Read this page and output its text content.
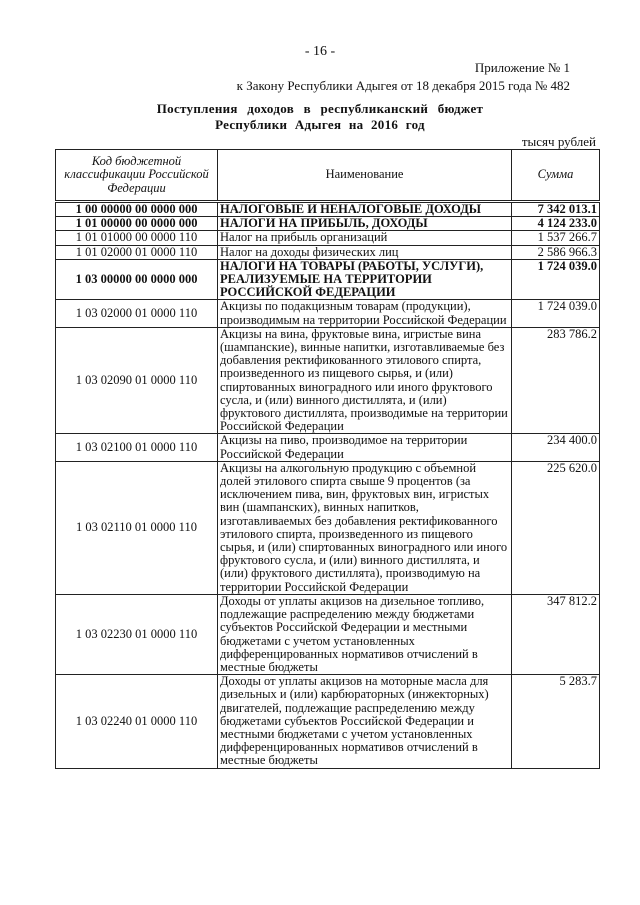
- 16 -
Приложение № 1
к Закону Республики Адыгея от 18 декабря 2015 года № 482
Поступления доходов в республиканский бюджет
Республики Адыгея на 2016 год
тысяч рублей
Код бюджетной классификации Российской Федерации	Наименование	Сумма
1 00 00000 00 0000 000	НАЛОГОВЫЕ И НЕНАЛОГОВЫЕ ДОХОДЫ	7 342 013.1
1 01 00000 00 0000 000	НАЛОГИ НА ПРИБЫЛЬ, ДОХОДЫ	4 124 233.0
1 01 01000 00 0000 110	Налог на прибыль организаций	1 537 266.7
1 01 02000 01 0000 110	Налог на доходы физических лиц	2 586 966.3
1 03 00000 00 0000 000	НАЛОГИ НА ТОВАРЫ (РАБОТЫ, УСЛУГИ), РЕАЛИЗУЕМЫЕ НА ТЕРРИТОРИИ РОССИЙСКОЙ ФЕДЕРАЦИИ	1 724 039.0
1 03 02000 01 0000 110	Акцизы по подакцизным товарам (продукции), производимым на территории Российской Федерации	1 724 039.0
1 03 02090 01 0000 110	Акцизы на вина, фруктовые вина, игристые вина (шампанские), винные напитки, изготавливаемые без добавления ректификованного этилового спирта, произведенного из пищевого сырья, и (или) спиртованных виноградного или иного фруктового сусла, и (или) винного дистиллята, и (или) фруктового дистиллята, производимые на территории Российской Федерации	283 786.2
1 03 02100 01 0000 110	Акцизы на пиво, производимое на территории Российской Федерации	234 400.0
1 03 02110 01 0000 110	Акцизы на алкогольную продукцию с объемной долей этилового спирта свыше 9 процентов (за исключением пива, вин, фруктовых вин, игристых вин (шампанских), винных напитков, изготавливаемых без добавления ректификованного этилового спирта, произведенного из пищевого сырья, и (или) спиртованных виноградного или иного фруктового сусла, и (или) винного дистиллята, и (или) фруктового дистиллята), производимую на территории Российской Федерации	225 620.0
1 03 02230 01 0000 110	Доходы от уплаты акцизов на дизельное топливо, подлежащие распределению между бюджетами субъектов Российской Федерации и местными бюджетами с учетом установленных дифференцированных нормативов отчислений в местные бюджеты	347 812.2
1 03 02240 01 0000 110	Доходы от уплаты акцизов на моторные масла для дизельных и (или) карбюраторных (инжекторных) двигателей, подлежащие распределению между бюджетами субъектов Российской Федерации и местными бюджетами с учетом установленных дифференцированных нормативов отчислений в местные бюджеты	5 283.7
